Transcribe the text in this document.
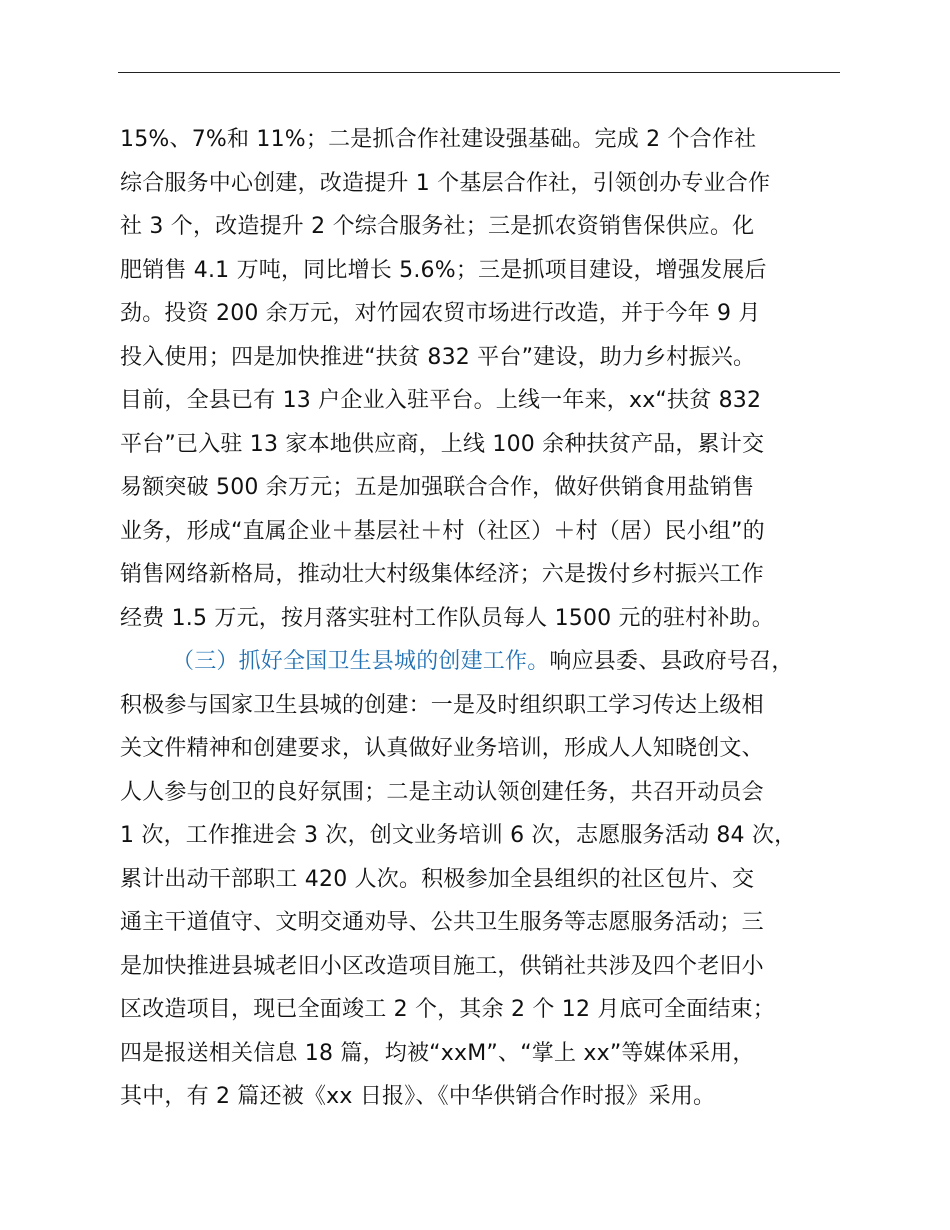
15%、7%和 11%；二是抓合作社建设强基础。完成 2 个合作社
综合服务中心创建，改造提升 1 个基层合作社，引领创办专业合作
社 3 个，改造提升 2 个综合服务社；三是抓农资销售保供应。化
肥销售 4.1 万吨，同比增长 5.6%；三是抓项目建设，增强发展后
劲。投资 200 余万元，对竹园农贸市场进行改造，并于今年 9 月
投入使用；四是加快推进“扶贫 832 平台”建设，助力乡村振兴。
目前，全县已有 13 户企业入驻平台。上线一年来，xx“扶贫 832
平台”已入驻 13 家本地供应商，上线 100 余种扶贫产品，累计交
易额突破 500 余万元；五是加强联合合作，做好供销食用盐销售
业务，形成“直属企业＋基层社＋村（社区）＋村（居）民小组”的
销售网络新格局，推动壮大村级集体经济；六是拨付乡村振兴工作
经费 1.5 万元，按月落实驻村工作队员每人 1500 元的驻村补助。
（三）抓好全国卫生县城的创建工作。响应县委、县政府号召，
积极参与国家卫生县城的创建：一是及时组织职工学习传达上级相
关文件精神和创建要求，认真做好业务培训，形成人人知晓创文、
人人参与创卫的良好氛围；二是主动认领创建任务，共召开动员会
1 次，工作推进会 3 次，创文业务培训 6 次，志愿服务活动 84 次，
累计出动干部职工 420 人次。积极参加全县组织的社区包片、交
通主干道值守、文明交通劝导、公共卫生服务等志愿服务活动；三
是加快推进县城老旧小区改造项目施工，供销社共涉及四个老旧小
区改造项目，现已全面竣工 2 个，其余 2 个 12 月底可全面结束；
四是报送相关信息 18 篇，均被“xxM”、“掌上 xx”等媒体采用，
其中，有 2 篇还被《xx 日报》、《中华供销合作时报》采用。
